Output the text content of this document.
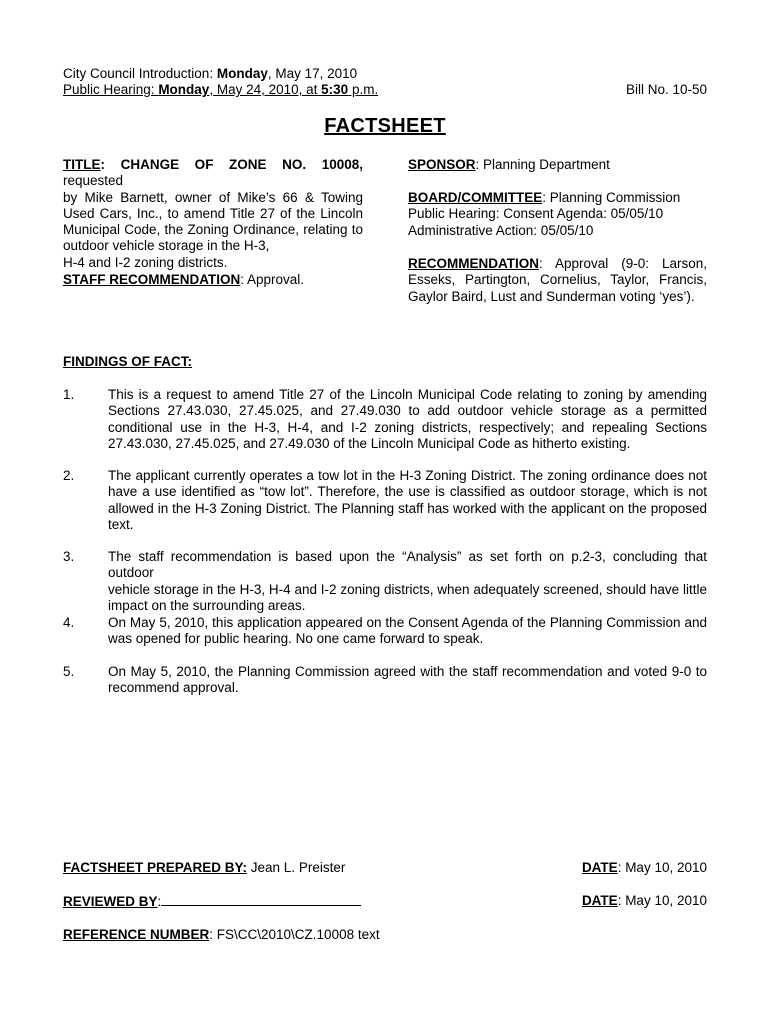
City Council Introduction: Monday, May 17, 2010
Public Hearing: Monday, May 24, 2010, at 5:30 p.m.	Bill No. 10-50
FACTSHEET
TITLE: CHANGE OF ZONE NO. 10008, requested
by Mike Barnett, owner of Mike’s 66 & Towing
Used Cars, Inc., to amend Title 27 of the Lincoln
Municipal Code, the Zoning Ordinance, relating to
outdoor vehicle storage in the H-3,
H-4 and I-2 zoning districts.
STAFF RECOMMENDATION: Approval.
SPONSOR: Planning Department
BOARD/COMMITTEE: Planning Commission
Public Hearing: Consent Agenda: 05/05/10
Administrative Action: 05/05/10
RECOMMENDATION: Approval (9-0: Larson,
Esseks, Partington, Cornelius, Taylor, Francis,
Gaylor Baird, Lust and Sunderman voting ‘yes’).
FINDINGS OF FACT:
1. This is a request to amend Title 27 of the Lincoln Municipal Code relating to zoning by amending
Sections 27.43.030, 27.45.025, and 27.49.030 to add outdoor vehicle storage as a permitted
conditional use in the H-3, H-4, and I-2 zoning districts, respectively; and repealing Sections
27.43.030, 27.45.025, and 27.49.030 of the Lincoln Municipal Code as hitherto existing.
2. The applicant currently operates a tow lot in the H-3 Zoning District. The zoning ordinance does not
have a use identified as “tow lot”. Therefore, the use is classified as outdoor storage, which is not
allowed in the H-3 Zoning District. The Planning staff has worked with the applicant on the proposed
text.
3. The staff recommendation is based upon the “Analysis” as set forth on p.2-3, concluding that outdoor
vehicle storage in the H-3, H-4 and I-2 zoning districts, when adequately screened, should have little
impact on the surrounding areas.
4. On May 5, 2010, this application appeared on the Consent Agenda of the Planning Commission and
was opened for public hearing. No one came forward to speak.
5. On May 5, 2010, the Planning Commission agreed with the staff recommendation and voted 9-0 to
recommend approval.
FACTSHEET PREPARED BY: Jean L. Preister	DATE: May 10, 2010
REVIEWED BY:	DATE: May 10, 2010
REFERENCE NUMBER: FS\CC\2010\CZ.10008 text
